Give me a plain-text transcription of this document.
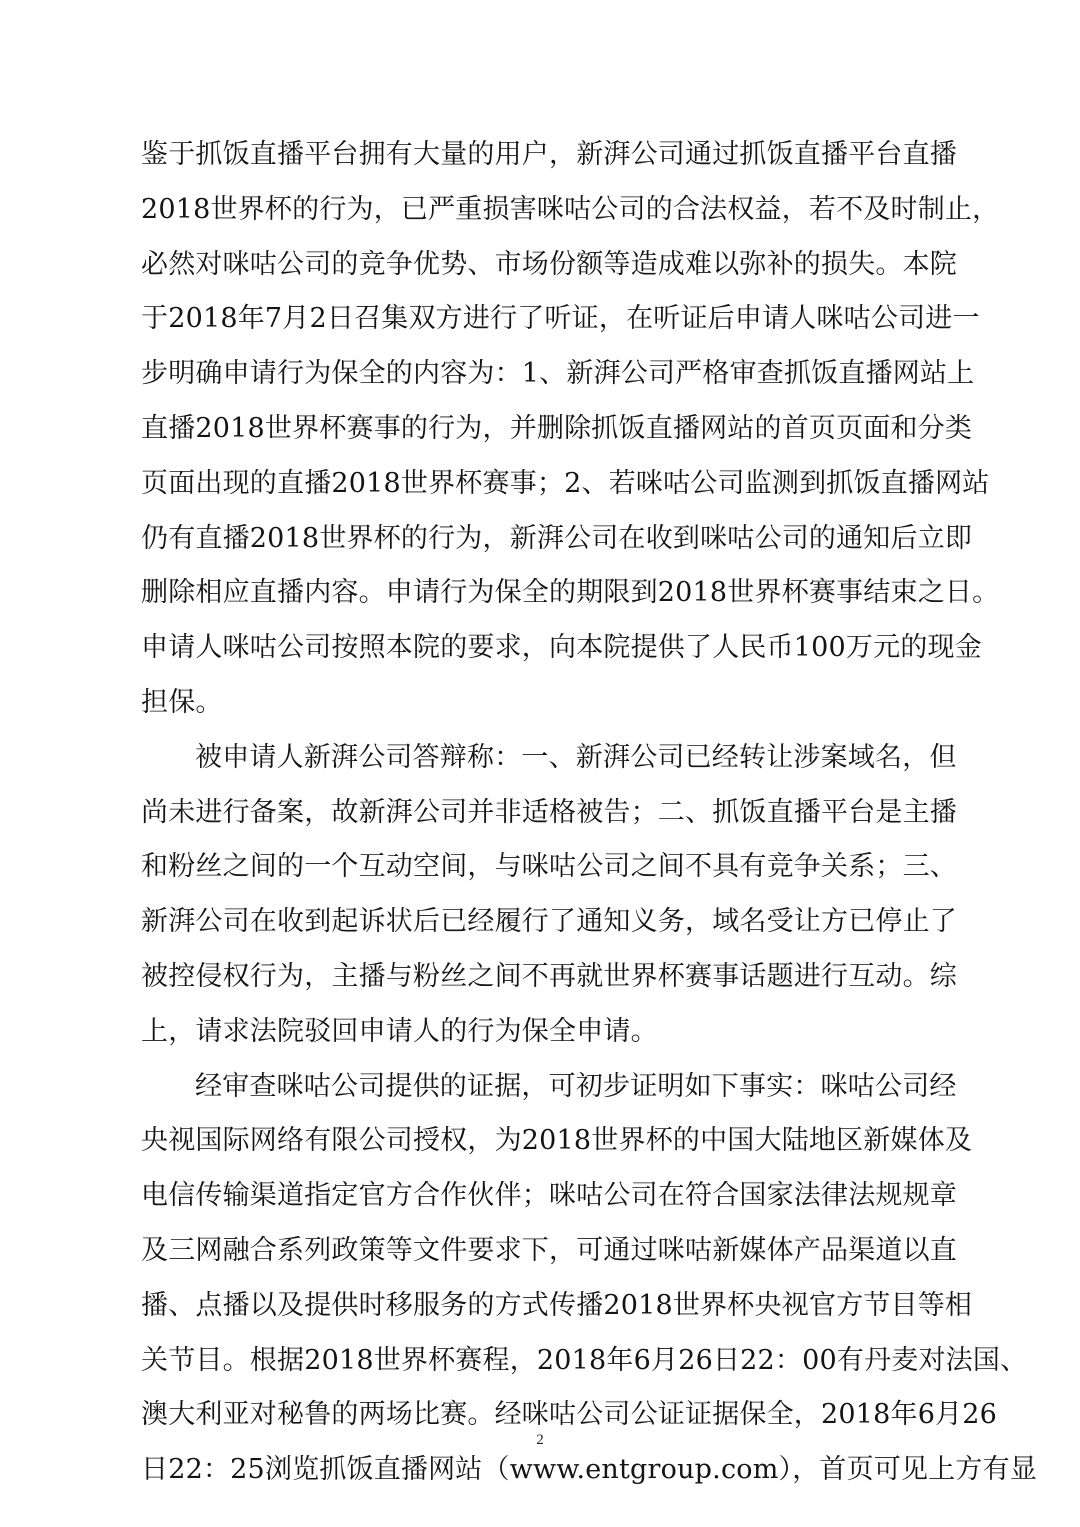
鉴于抓饭直播平台拥有大量的用户，新湃公司通过抓饭直播平台直播
2018世界杯的行为，已严重损害咪咕公司的合法权益，若不及时制止，
必然对咪咕公司的竞争优势、市场份额等造成难以弥补的损失。本院
于2018年7月2日召集双方进行了听证，在听证后申请人咪咕公司进一
步明确申请行为保全的内容为：1、新湃公司严格审查抓饭直播网站上
直播2018世界杯赛事的行为，并删除抓饭直播网站的首页页面和分类
页面出现的直播2018世界杯赛事；2、若咪咕公司监测到抓饭直播网站
仍有直播2018世界杯的行为，新湃公司在收到咪咕公司的通知后立即
删除相应直播内容。申请行为保全的期限到2018世界杯赛事结束之日。
申请人咪咕公司按照本院的要求，向本院提供了人民币100万元的现金
担保。
被申请人新湃公司答辩称：一、新湃公司已经转让涉案域名，但
尚未进行备案，故新湃公司并非适格被告；二、抓饭直播平台是主播
和粉丝之间的一个互动空间，与咪咕公司之间不具有竞争关系；三、
新湃公司在收到起诉状后已经履行了通知义务，域名受让方已停止了
被控侵权行为，主播与粉丝之间不再就世界杯赛事话题进行互动。综
上，请求法院驳回申请人的行为保全申请。
经审查咪咕公司提供的证据，可初步证明如下事实：咪咕公司经
央视国际网络有限公司授权，为2018世界杯的中国大陆地区新媒体及
电信传输渠道指定官方合作伙伴；咪咕公司在符合国家法律法规规章
及三网融合系列政策等文件要求下，可通过咪咕新媒体产品渠道以直
播、点播以及提供时移服务的方式传播2018世界杯央视官方节目等相
关节目。根据2018世界杯赛程，2018年6月26日22：00有丹麦对法国、
澳大利亚对秘鲁的两场比赛。经咪咕公司公证证据保全，2018年6月26
日22：25浏览抓饭直播网站（www.entgroup.com），首页可见上方有显
2
